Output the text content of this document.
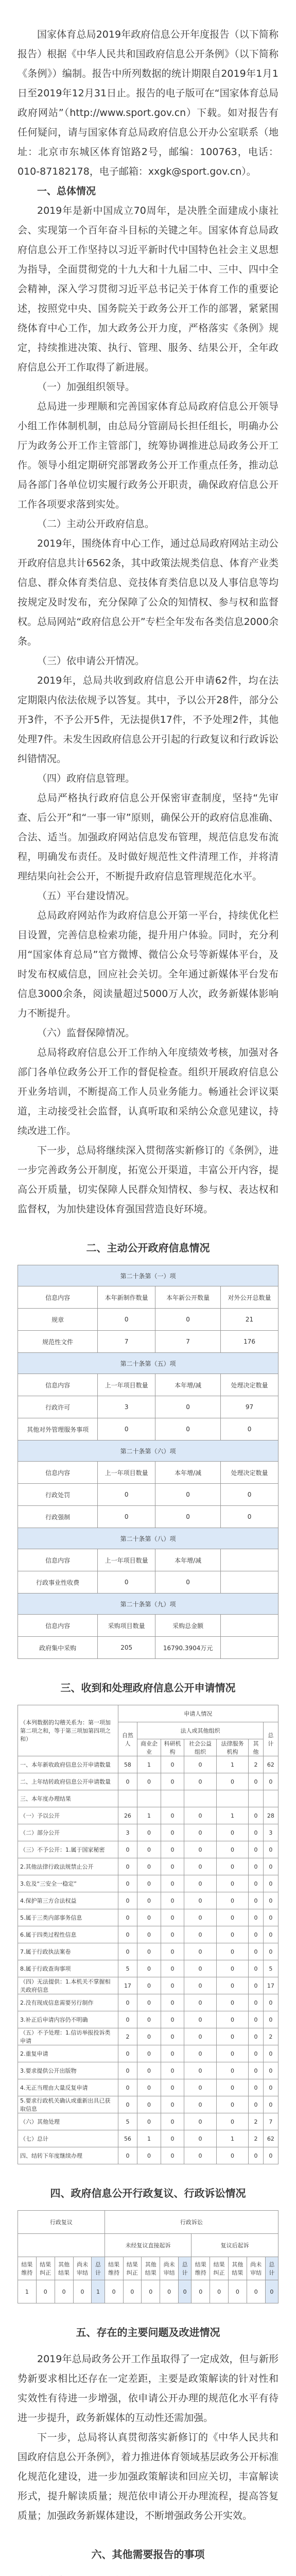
国家体育总局2019年政府信息公开年度报告（以下简称报告）根据《中华人民共和国政府信息公开条例》（以下简称《条例》）编制。报告中所列数据的统计期限自2019年1月1日至2019年12月31日止。报告的电子版可在“国家体育总局政府网站”（http://www.sport.gov.cn）下载。如对报告有任何疑问，请与国家体育总局政府信息公开办公室联系（地址：北京市东城区体育馆路2号，邮编：100763，电话：010-87182178，电子邮箱：xxgk@sport.gov.cn）。

一、总体情况

2019年是新中国成立70周年，是决胜全面建成小康社会、实现第一个百年奋斗目标的关键之年。国家体育总局政府信息公开工作坚持以习近平新时代中国特色社会主义思想为指导，全面贯彻党的十九大和十九届二中、三中、四中全会精神，深入学习贯彻习近平总书记关于体育工作的重要论述，按照党中央、国务院关于政务公开工作的部署，紧紧围绕体育中心工作，加大政务公开力度，严格落实《条例》规定，持续推进决策、执行、管理、服务、结果公开，全年政府信息公开工作取得了新进展。

（一）加强组织领导。

总局进一步理顺和完善国家体育总局政府信息公开领导小组工作体制机制，由总局分管副局长担任组长，明确办公厅为政务公开工作主管部门，统筹协调推进总局政务公开工作。领导小组定期研究部署政务公开工作重点任务，推动总局各部门各单位切实履行政务公开职责，确保政府信息公开工作各项要求落到实处。

（二）主动公开政府信息。

2019年，围绕体育中心工作，通过总局政府网站主动公开政府信息共计6562条，其中政策法规类信息、体育产业类信息、群众体育类信息、竞技体育类信息以及人事信息等均按规定及时发布，充分保障了公众的知情权、参与权和监督权。总局网站“政府信息公开”专栏全年发布各类信息2000余条。

（三）依申请公开情况。

2019年，总局共收到政府信息公开申请62件，均在法定期限内依法依规予以答复。其中，予以公开28件，部分公开3件，不予公开5件，无法提供17件，不予处理2件，其他处理7件。未发生因政府信息公开引起的行政复议和行政诉讼纠错情况。

（四）政府信息管理。

总局严格执行政府信息公开保密审查制度，坚持“先审查、后公开”和“一事一审”原则，确保公开的政府信息准确、合法、适当。加强政府网站信息发布管理，规范信息发布流程，明确发布责任。及时做好规范性文件清理工作，并将清理结果向社会公开，不断提升政府信息管理规范化水平。

（五）平台建设情况。

总局政府网站作为政府信息公开第一平台，持续优化栏目设置，完善信息检索功能，提升用户体验。同时，充分利用“国家体育总局”官方微博、微信公众号等新媒体平台，及时发布权威信息，回应社会关切。全年通过新媒体平台发布信息3000余条，阅读量超过5000万人次，政务新媒体影响力不断提升。

（六）监督保障情况。

总局将政府信息公开工作纳入年度绩效考核，加强对各部门各单位政务公开工作的督促检查。组织开展政府信息公开业务培训，不断提高工作人员业务能力。畅通社会评议渠道，主动接受社会监督，认真听取和采纳公众意见建议，持续改进工作。

下一步，总局将继续深入贯彻落实新修订的《条例》，进一步完善政务公开制度，拓宽公开渠道，丰富公开内容，提高公开质量，切实保障人民群众知情权、参与权、表达权和监督权，为加快建设体育强国营造良好环境。

二、主动公开政府信息情况
第二十条第（一）项			
信息内容	本年新制作数量	本年新公开数量	对外公开总数量
规章	0	0	21
规范性文件	7	7	176
第二十条第（五）项			
信息内容	上一年项目数量	本年增/减	处理决定数量
行政许可	3	0	97
其他对外管理服务事项	0	0	0
第二十条第（六）项			
信息内容	上一年项目数量	本年增/减	处理决定数量
行政处罚	0	0	0
行政强制	0	0	0
第二十条第（八）项			
信息内容	上一年项目数量	本年增/减	
行政事业性收费	0	0	
第二十条第（九）项			
信息内容	采购项目数量	采购总金额	
政府集中采购	205	16790.3904万元	
三、收到和处理政府信息公开申请情况
（本列数据的勾稽关系为：第一项加第二项之和，等于第三项加第四项之和）	申请人情况						
	自然人	法人或其他组织					总计
		商业企业	科研机构	社会公益组织	法律服务机构	其他	
一、本年新收政府信息公开申请数量	58	1	0	0	1	2	62
二、上年结转政府信息公开申请数量	0	0	0	0	0	0	0
三、本年度办理结果							
（一）予以公开	26	1	0	0	1	0	28
（二）部分公开	3	0	0	0	0	0	3
（三）不予公开：1.属于国家秘密	0	0	0	0	0	0	0
2.其他法律行政法规禁止公开	0	0	0	0	0	0	0
3.危及“三安全一稳定”	0	0	0	0	0	0	0
4.保护第三方合法权益	0	0	0	0	0	0	0
5.属于三类内部事务信息	0	0	0	0	0	0	0
6.属于四类过程性信息	0	0	0	0	0	0	0
7.属于行政执法案卷	0	0	0	0	0	0	0
8.属于行政查询事项	5	0	0	0	0	0	5
（四）无法提供：1.本机关不掌握相关政府信息	17	0	0	0	0	0	17
2.没有现成信息需要另行制作	0	0	0	0	0	0	0
3.补正后申请内容仍不明确	0	0	0	0	0	0	0
（五）不予处理：1.信访举报投诉类申请	2	0	0	0	0	0	2
2.重复申请	0	0	0	0	0	0	0
3.要求提供公开出版物	0	0	0	0	0	0	0
4.无正当理由大量反复申请	0	0	0	0	0	0	0
5.要求行政机关确认或重新出具已获取信息	0	0	0	0	0	0	0
（六）其他处理	5	0	0	0	0	2	7
（七）总计	56	1	0	0	1	2	62
四、结转下年度继续办理	0	0	0	0	0	0	0
四、政府信息公开行政复议、行政诉讼情况
行政复议					行政诉讼									
					未经复议直接起诉					复议后起诉				
结果维持	结果纠正	其他结果	尚未审结	总计	结果维持	结果纠正	其他结果	尚未审结	总计	结果维持	结果纠正	其他结果	尚未审结	总计
1	0	0	0	1	0	0	0	0	0	0	0	0	0	0
五、存在的主要问题及改进情况

2019年总局政务公开工作虽取得了一定成效，但与新形势新要求相比还存在一定差距，主要是政策解读的针对性和实效性有待进一步增强，依申请公开办理的规范化水平有待进一步提升，政务新媒体的互动性还需加强。

下一步，总局将认真贯彻落实新修订的《中华人民共和国政府信息公开条例》，着力推进体育领域基层政务公开标准化规范化建设，进一步加强政策解读和回应关切，丰富解读形式，提升解读质量；规范依申请公开办理流程，提高答复质量；加强政务新媒体建设，不断增强政务公开实效。

六、其他需要报告的事项
